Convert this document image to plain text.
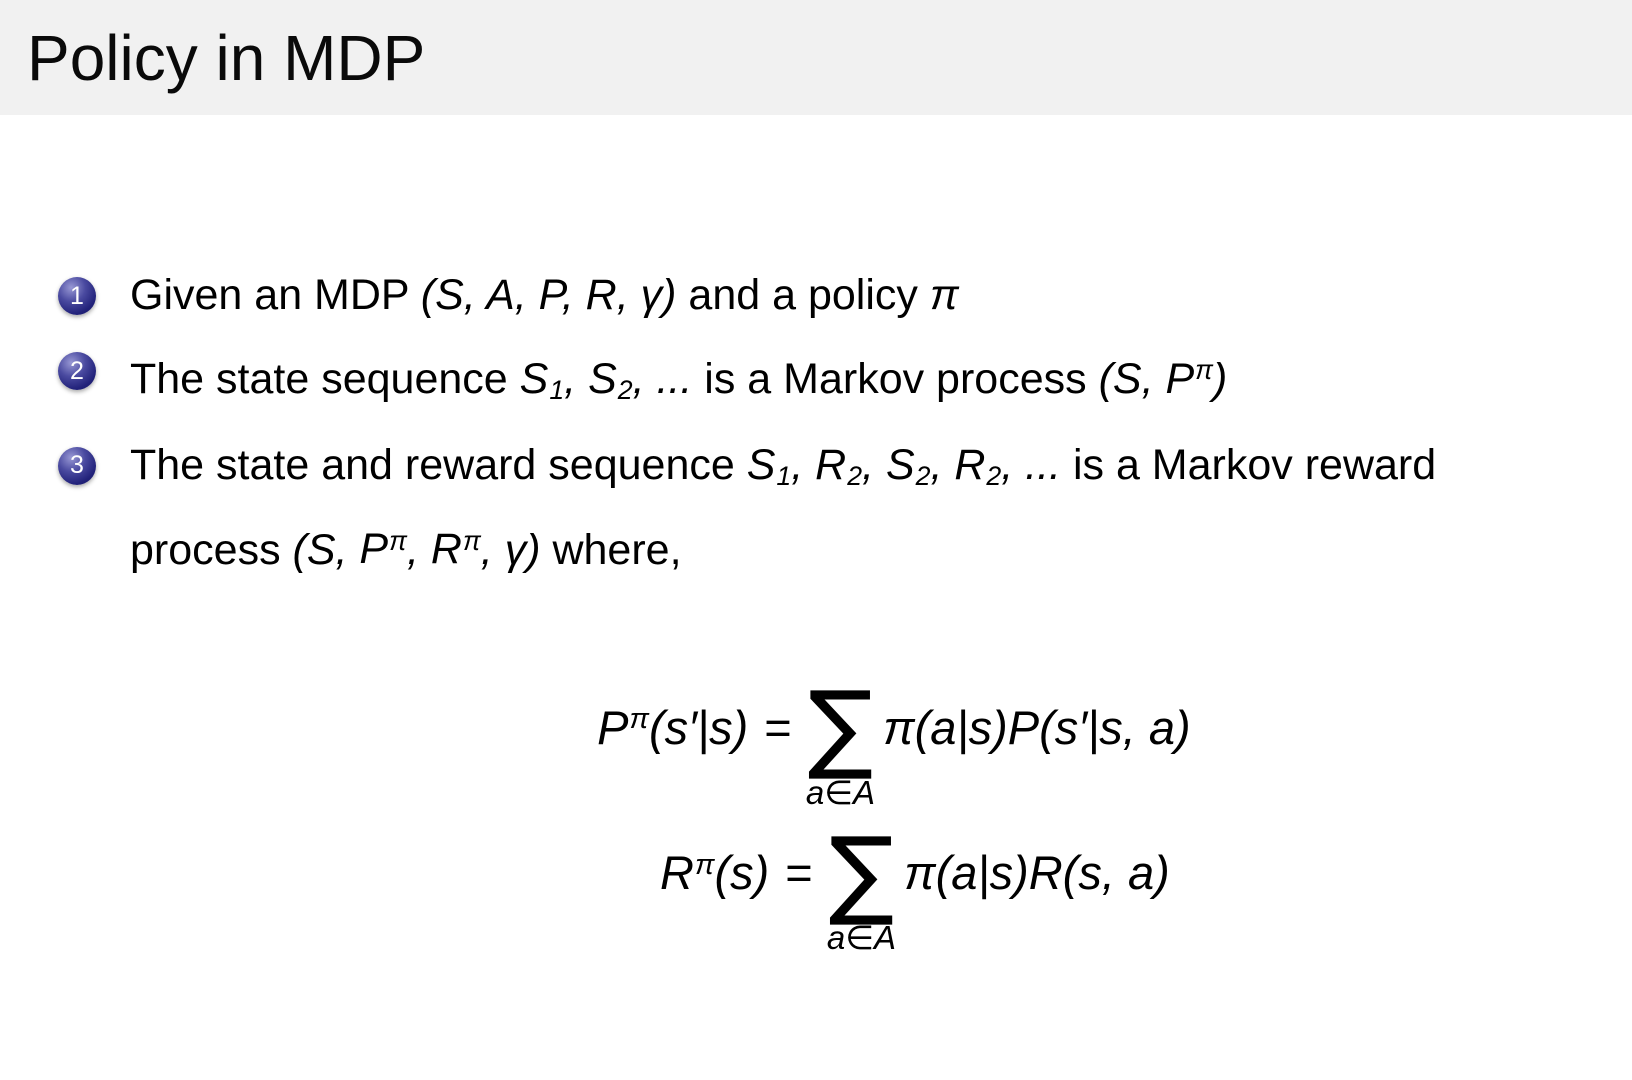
Policy in MDP
1 Given an MDP (S, A, P, R, γ) and a policy π
2 The state sequence $S_1$, $S_2$, ... is a Markov process (S, $P^\pi$)
3 The state and reward sequence $S_1$, $R_2$, $S_2$, $R_2$, ... is a Markov reward
process (S, $P^\pi$, $R^\pi$, γ) where,
$P^\pi(s'|s)$ = ∑
a∈A
π(a|s)P(s′|s, a)
$R^\pi(s)$ = ∑
a∈A
π(a|s)R(s, a)
